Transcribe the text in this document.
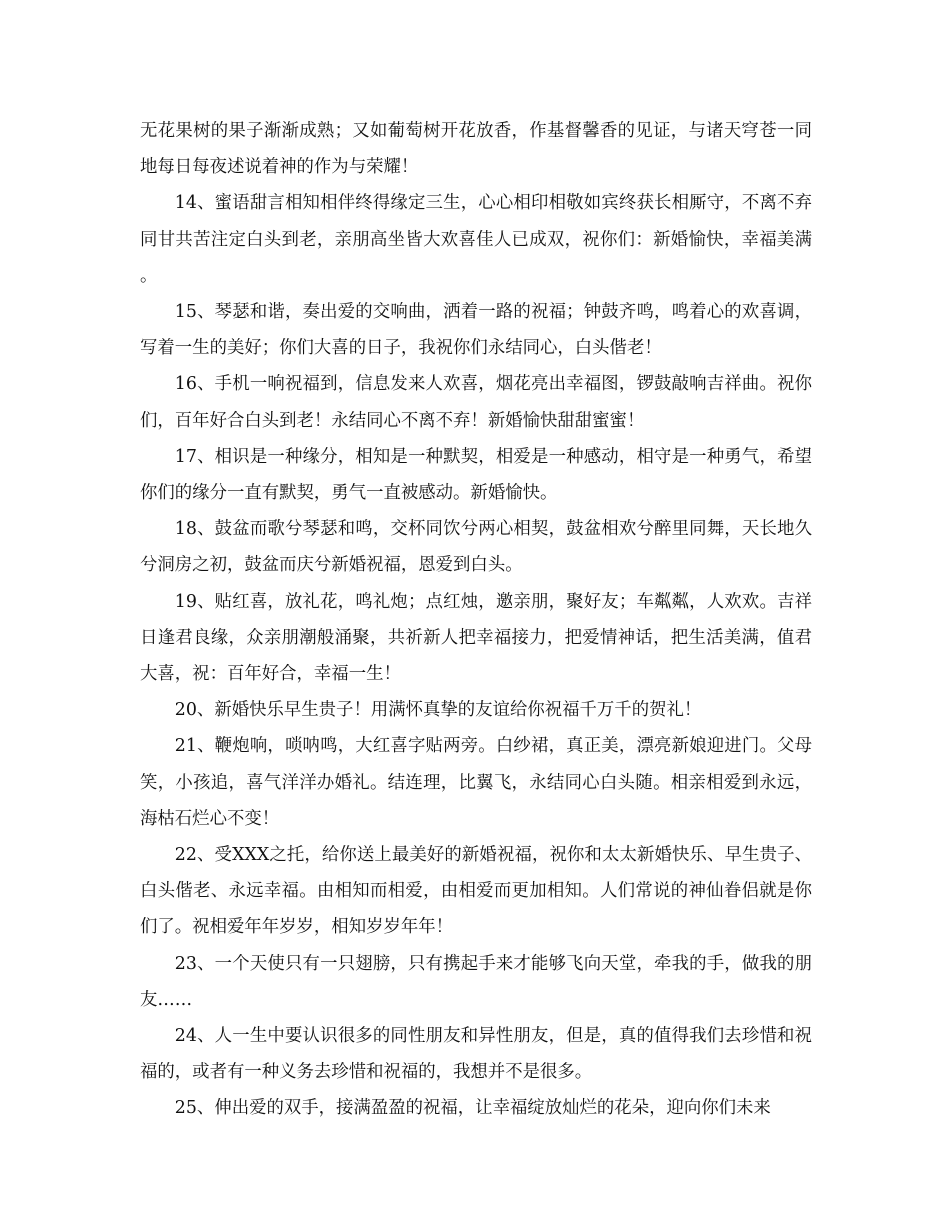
无花果树的果子渐渐成熟；又如葡萄树开花放香，作基督馨香的见证，与诸天穹苍一同地每日每夜述说着神的作为与荣耀！

14、蜜语甜言相知相伴终得缘定三生，心心相印相敬如宾终获长相厮守，不离不弃同甘共苦注定白头到老，亲朋高坐皆大欢喜佳人已成双，祝你们：新婚愉快，幸福美满。

15、琴瑟和谐，奏出爱的交响曲，洒着一路的祝福；钟鼓齐鸣，鸣着心的欢喜调，写着一生的美好；你们大喜的日子，我祝你们永结同心，白头偕老！

16、手机一响祝福到，信息发来人欢喜，烟花亮出幸福图，锣鼓敲响吉祥曲。祝你们，百年好合白头到老！永结同心不离不弃！新婚愉快甜甜蜜蜜！

17、相识是一种缘分，相知是一种默契，相爱是一种感动，相守是一种勇气，希望你们的缘分一直有默契，勇气一直被感动。新婚愉快。

18、鼓盆而歌兮琴瑟和鸣，交杯同饮兮两心相契，鼓盆相欢兮醉里同舞，天长地久兮洞房之初，鼓盆而庆兮新婚祝福，恩爱到白头。

19、贴红喜，放礼花，鸣礼炮；点红烛，邀亲朋，聚好友；车粼粼，人欢欢。吉祥日逢君良缘，众亲朋潮般涌聚，共祈新人把幸福接力，把爱情神话，把生活美满，值君大喜，祝：百年好合，幸福一生！

20、新婚快乐早生贵子！用满怀真挚的友谊给你祝福千万千的贺礼！

21、鞭炮响，唢呐鸣，大红喜字贴两旁。白纱裙，真正美，漂亮新娘迎进门。父母笑，小孩追，喜气洋洋办婚礼。结连理，比翼飞，永结同心白头随。相亲相爱到永远，海枯石烂心不变！

22、受XXX之托，给你送上最美好的新婚祝福，祝你和太太新婚快乐、早生贵子、白头偕老、永远幸福。由相知而相爱，由相爱而更加相知。人们常说的神仙眷侣就是你们了。祝相爱年年岁岁，相知岁岁年年！

23、一个天使只有一只翅膀，只有携起手来才能够飞向天堂，牵我的手，做我的朋友……

24、人一生中要认识很多的同性朋友和异性朋友，但是，真的值得我们去珍惜和祝福的，或者有一种义务去珍惜和祝福的，我想并不是很多。

25、伸出爱的双手，接满盈盈的祝福，让幸福绽放灿烂的花朵，迎向你们未来
